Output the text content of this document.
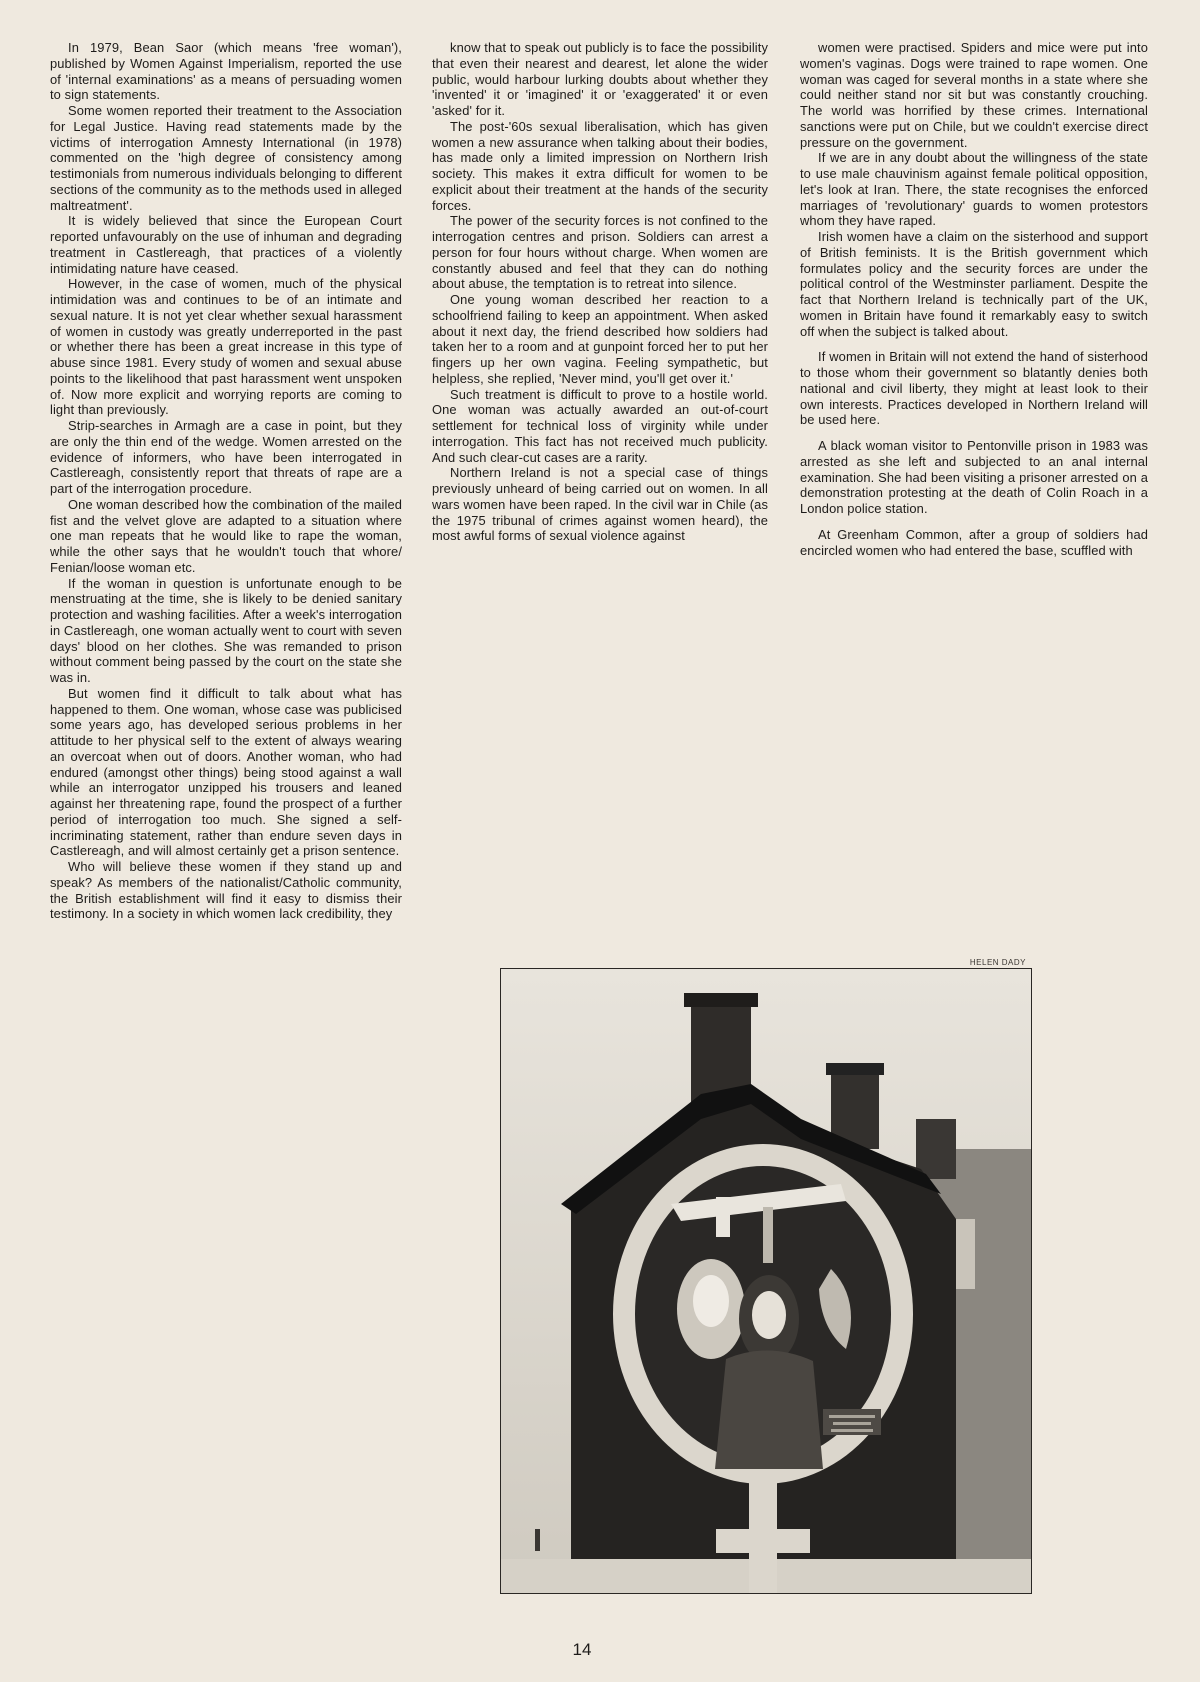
In 1979, Bean Saor (which means 'free woman'), published by Women Against Imperialism, reported the use of 'internal examinations' as a means of persuading women to sign statements.

Some women reported their treatment to the Association for Legal Justice. Having read statements made by the victims of interrogation Amnesty International (in 1978) commented on the 'high degree of consistency among testimonials from numerous individuals belonging to different sections of the community as to the methods used in alleged maltreatment'.

It is widely believed that since the European Court reported unfavourably on the use of inhuman and degrading treatment in Castlereagh, that practices of a violently intimidating nature have ceased.

However, in the case of women, much of the physical intimidation was and continues to be of an intimate and sexual nature. It is not yet clear whether sexual harassment of women in custody was greatly underreported in the past or whether there has been a great increase in this type of abuse since 1981. Every study of women and sexual abuse points to the likelihood that past harassment went unspoken of. Now more explicit and worrying reports are coming to light than previously.

Strip-searches in Armagh are a case in point, but they are only the thin end of the wedge. Women arrested on the evidence of informers, who have been interrogated in Castlereagh, consistently report that threats of rape are a part of the interrogation procedure.

One woman described how the combination of the mailed fist and the velvet glove are adapted to a situation where one man repeats that he would like to rape the woman, while the other says that he wouldn't touch that whore/ Fenian/loose woman etc.

If the woman in question is unfortunate enough to be menstruating at the time, she is likely to be denied sanitary protection and washing facilities. After a week's interrogation in Castlereagh, one woman actually went to court with seven days' blood on her clothes. She was remanded to prison without comment being passed by the court on the state she was in.

But women find it difficult to talk about what has happened to them. One woman, whose case was publicised some years ago, has developed serious problems in her attitude to her physical self to the extent of always wearing an overcoat when out of doors. Another woman, who had endured (amongst other things) being stood against a wall while an interrogator unzipped his trousers and leaned against her threatening rape, found the prospect of a further period of interrogation too much. She signed a self-incriminating statement, rather than endure seven days in Castlereagh, and will almost certainly get a prison sentence.

Who will believe these women if they stand up and speak? As members of the nationalist/Catholic community, the British establishment will find it easy to dismiss their testimony. In a society in which women lack credibility, they

know that to speak out publicly is to face the possibility that even their nearest and dearest, let alone the wider public, would harbour lurking doubts about whether they 'invented' it or 'imagined' it or 'exaggerated' it or even 'asked' for it.

The post-'60s sexual liberalisation, which has given women a new assurance when talking about their bodies, has made only a limited impression on Northern Irish society. This makes it extra difficult for women to be explicit about their treatment at the hands of the security forces.

The power of the security forces is not confined to the interrogation centres and prison. Soldiers can arrest a person for four hours without charge. When women are constantly abused and feel that they can do nothing about abuse, the temptation is to retreat into silence.

One young woman described her reaction to a schoolfriend failing to keep an appointment. When asked about it next day, the friend described how soldiers had taken her to a room and at gunpoint forced her to put her fingers up her own vagina. Feeling sympathetic, but helpless, she replied, 'Never mind, you'll get over it.'

Such treatment is difficult to prove to a hostile world. One woman was actually awarded an out-of-court settlement for technical loss of virginity while under interrogation. This fact has not received much publicity. And such clear-cut cases are a rarity.

Northern Ireland is not a special case of things previously unheard of being carried out on women. In all wars women have been raped. In the civil war in Chile (as the 1975 tribunal of crimes against women heard), the most awful forms of sexual violence against

women were practised. Spiders and mice were put into women's vaginas. Dogs were trained to rape women. One woman was caged for several months in a state where she could neither stand nor sit but was constantly crouching. The world was horrified by these crimes. International sanctions were put on Chile, but we couldn't exercise direct pressure on the government.

If we are in any doubt about the willingness of the state to use male chauvinism against female political opposition, let's look at Iran. There, the state recognises the enforced marriages of 'revolutionary' guards to women protestors whom they have raped.

Irish women have a claim on the sisterhood and support of British feminists. It is the British government which formulates policy and the security forces are under the political control of the Westminster parliament. Despite the fact that Northern Ireland is technically part of the UK, women in Britain have found it remarkably easy to switch off when the subject is talked about.

If women in Britain will not extend the hand of sisterhood to those whom their government so blatantly denies both national and civil liberty, they might at least look to their own interests. Practices developed in Northern Ireland will be used here.

A black woman visitor to Pentonville prison in 1983 was arrested as she left and subjected to an anal internal examination. She had been visiting a prisoner arrested on a demonstration protesting at the death of Colin Roach in a London police station.

At Greenham Common, after a group of soldiers had encircled women who had entered the base, scuffled with

HELEN DADY
14
